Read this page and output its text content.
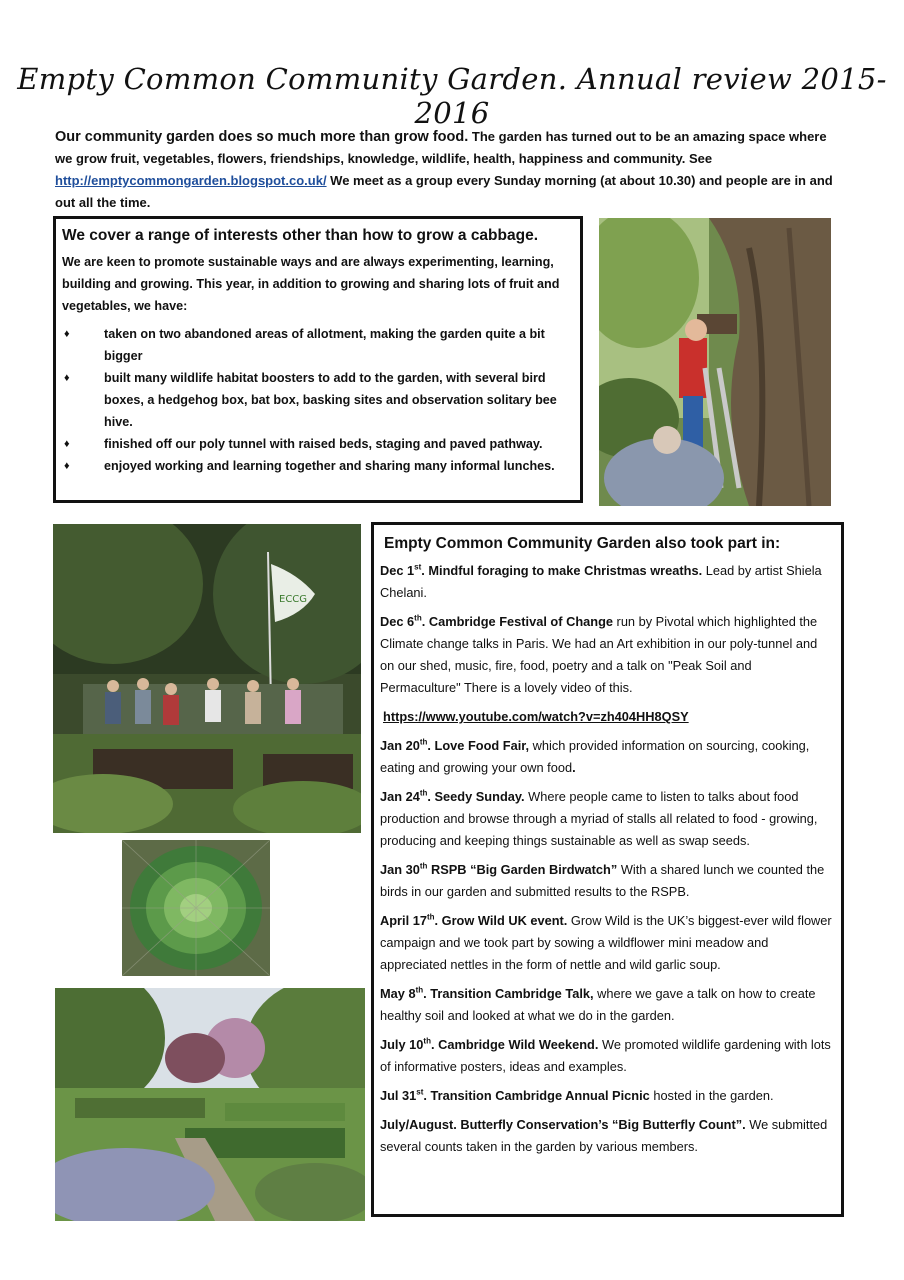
Empty Common Community Garden. Annual review 2015-2016
Our community garden does so much more than grow food. The garden has turned out to be an amazing space where we grow fruit, vegetables, flowers, friendships, knowledge, wildlife, health, happiness and community. See http://emptycommongarden.blogspot.co.uk/ We meet as a group every Sunday morning (at about 10.30) and people are in and out all the time.
We cover a range of interests other than how to grow a cabbage.

We are keen to promote sustainable ways and are always experimenting, learning, building and growing. This year, in addition to growing and sharing lots of fruit and vegetables, we have:

♦	taken on two abandoned areas of allotment, making the garden quite a bit bigger
♦	built many wildlife habitat boosters to add to the garden, with several bird boxes, a hedgehog box, bat box, basking sites and observation solitary bee hive.
♦	finished off our poly tunnel with raised beds, staging and paved pathway.
♦	enjoyed working and learning together and sharing many informal lunches.
ECCG
Empty Common Community Garden also took part in:
Dec 1st. Mindful foraging to make Christmas wreaths. Lead by artist Shiela Chelani.
Dec 6th. Cambridge Festival of Change run by Pivotal which highlighted the Climate change talks in Paris. We had an Art exhibition in our poly-tunnel and on our shed, music, fire, food, poetry and a talk on "Peak Soil and Permaculture" There is a lovely video of this.
https://www.youtube.com/watch?v=zh404HH8QSY
Jan 20th. Love Food Fair, which provided information on sourcing, cooking, eating and growing your own food.
Jan 24th. Seedy Sunday. Where people came to listen to talks about food production and browse through a myriad of stalls all related to food - growing, producing and keeping things sustainable as well as swap seeds.
Jan 30th RSPB “Big Garden Birdwatch” With a shared lunch we counted the birds in our garden and submitted results to the RSPB.
April 17th. Grow Wild UK event. Grow Wild is the UK’s biggest-ever wild flower campaign and we took part by sowing a wildflower mini meadow and appreciated nettles in the form of nettle and wild garlic soup.
May 8th. Transition Cambridge Talk, where we gave a talk on how to create healthy soil and looked at what we do in the garden.
July 10th. Cambridge Wild Weekend. We promoted wildlife gardening with lots of informative posters, ideas and examples.
Jul 31st. Transition Cambridge Annual Picnic hosted in the garden.
July/August. Butterfly Conservation’s “Big Butterfly Count”. We submitted several counts taken in the garden by various members.
